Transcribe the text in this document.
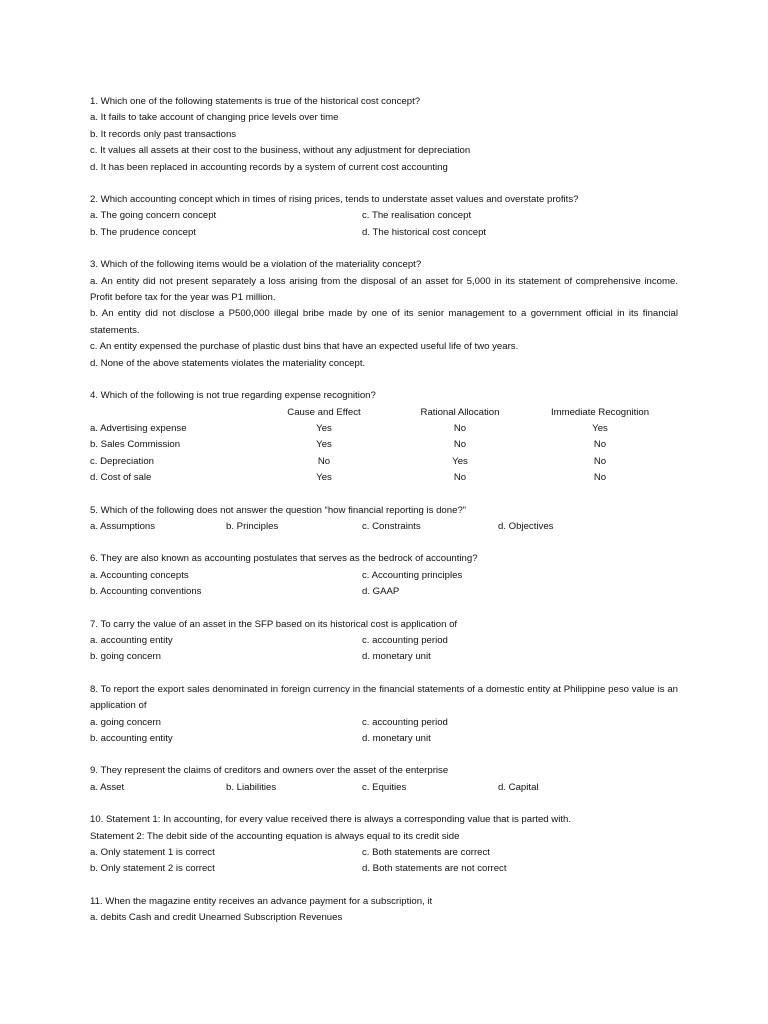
1. Which one of the following statements is true of the historical cost concept?
a. It fails to take account of changing price levels over time
b. It records only past transactions
c. It values all assets at their cost to the business, without any adjustment for depreciation
d. It has been replaced in accounting records by a system of current cost accounting
2. Which accounting concept which in times of rising prices, tends to understate asset values and overstate profits?
a. The going concern concept	c. The realisation concept
b. The prudence concept	d. The historical cost concept
3. Which of the following items would be a violation of the materiality concept?
a. An entity did not present separately a loss arising from the disposal of an asset for 5,000 in its statement of comprehensive income. Profit before tax for the year was P1 million.
b. An entity did not disclose a P500,000 illegal bribe made by one of its senior management to a government official in its financial statements.
c. An entity expensed the purchase of plastic dust bins that have an expected useful life of two years.
d. None of the above statements violates the materiality concept.
4. Which of the following is not true regarding expense recognition?
Cause and Effect	Rational Allocation	Immediate Recognition
a. Advertising expense	Yes	No	Yes
b. Sales Commission	Yes	No	No
c. Depreciation	No	Yes	No
d. Cost of sale	Yes	No	No
5. Which of the following does not answer the question “how financial reporting is done?”
a. Assumptions	b. Principles	c. Constraints	d. Objectives
6. They are also known as accounting postulates that serves as the bedrock of accounting?
a. Accounting concepts	c. Accounting principles
b. Accounting conventions	d. GAAP
7. To carry the value of an asset in the SFP based on its historical cost is application of
a. accounting entity	c. accounting period
b. going concern	d. monetary unit
8. To report the export sales denominated in foreign currency in the financial statements of a domestic entity at Philippine peso value is an application of
a. going concern	c. accounting period
b. accounting entity	d. monetary unit
9. They represent the claims of creditors and owners over the asset of the enterprise
a. Asset	b. Liabilities	c. Equities	d. Capital
10. Statement 1: In accounting, for every value received there is always a corresponding value that is parted with.
Statement 2: The debit side of the accounting equation is always equal to its credit side
a. Only statement 1 is correct	c. Both statements are correct
b. Only statement 2 is correct	d. Both statements are not correct
11. When the magazine entity receives an advance payment for a subscription, it
a. debits Cash and credit Unearned Subscription Revenues
